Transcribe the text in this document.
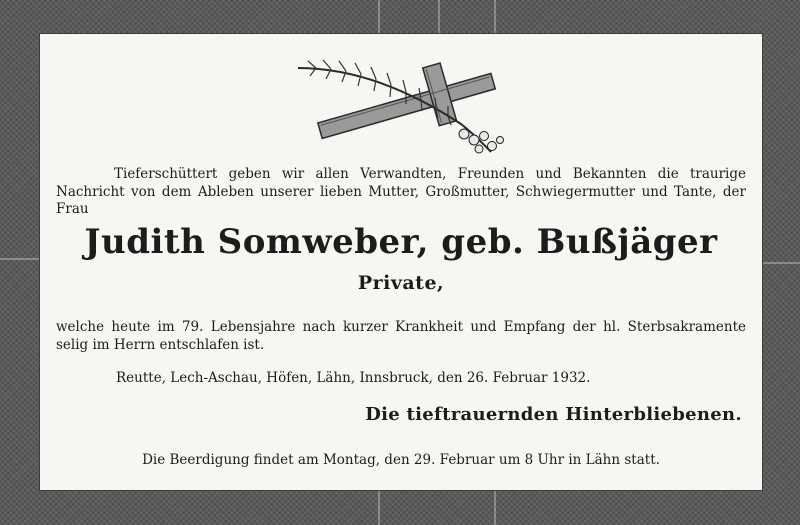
Tieferschüttert geben wir allen Verwandten, Freunden und Bekannten die traurige Nachricht von dem Ableben unserer lieben Mutter, Großmutter, Schwiegermutter und Tante, der Frau
Judith Somweber, geb. Bußjäger
Private,
welche heute im 79. Lebensjahre nach kurzer Krankheit und Empfang der hl. Sterbsakramente selig im Herrn entschlafen ist.
Reutte, Lech-Aschau, Höfen, Lähn, Innsbruck, den 26. Februar 1932.
Die tieftrauernden Hinterbliebenen.
Die Beerdigung findet am Montag, den 29. Februar um 8 Uhr in Lähn statt.
